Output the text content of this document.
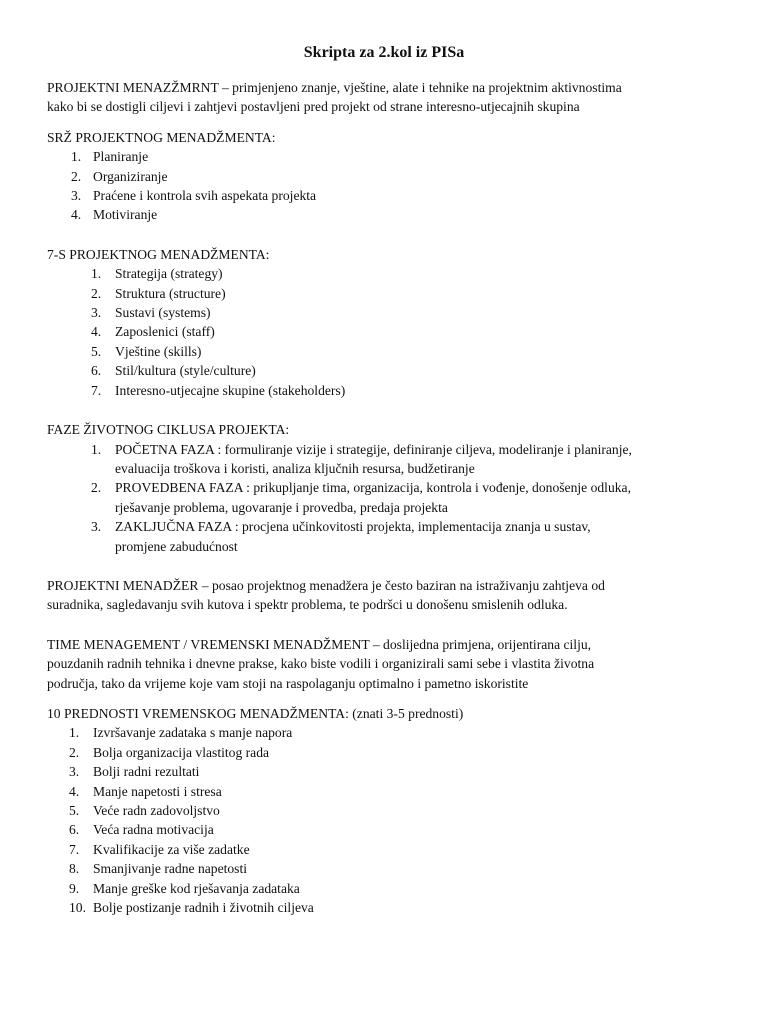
Skripta za 2.kol iz PISa

PROJEKTNI MENAZŽMRNT – primjenjeno znanje, vještine, alate i tehnike na projektnim aktivnostima

kako bi se dostigli ciljevi i zahtjevi postavljeni pred projekt od strane interesno-utjecajnih skupina

SRŽ PROJEKTNOG MENADŽMENTA:

1. Planiranje
2. Organiziranje
3. Praćene i kontrola svih aspekata projekta
4. Motiviranje

7-S PROJEKTNOG MENADŽMENTA:

1.	Strategija (strategy)
2.	Struktura (structure)
3.	Sustavi (systems)
4.	Zaposlenici (staff)
5.	Vještine (skills)
6.	Stil/kultura (style/culture)
7.	Interesno-utjecajne skupine (stakeholders)

FAZE ŽIVOTNOG CIKLUSA PROJEKTA:

1.	POČETNA FAZA : formuliranje vizije i strategije, definiranje ciljeva, modeliranje i planiranje,
evaluacija troškova i koristi, analiza ključnih resursa, budžetiranje
2.	PROVEDBENA FAZA : prikupljanje tima, organizacija, kontrola i vođenje, donošenje odluka,
rješavanje problema, ugovaranje i provedba, predaja projekta
3.	ZAKLJUČNA FAZA : procjena učinkovitosti projekta, implementacija znanja u sustav,
promjene zabudućnost

PROJEKTNI MENADŽER – posao projektnog menadžera je često baziran na istraživanju zahtjeva od

suradnika, sagledavanju svih kutova i spektr problema, te podršci u donošenu smislenih odluka.

TIME MENAGEMENT / VREMENSKI MENADŽMENT – doslijedna primjena, orijentirana cilju,

pouzdanih radnih tehnika i dnevne prakse, kako biste vodili i organizirali sami sebe i vlastita životna

područja, tako da vrijeme koje vam stoji na raspolaganju optimalno i pametno iskoristite

10 PREDNOSTI VREMENSKOG MENADŽMENTA: (znati 3-5 prednosti)

1.	Izvršavanje zadataka s manje napora
2.	Bolja organizacija vlastitog rada
3.	Bolji radni rezultati
4.	Manje napetosti i stresa
5.	Veće radn zadovoljstvo
6.	Veća radna motivacija
7.	Kvalifikacije za više zadatke
8.	Smanjivanje radne napetosti
9.	Manje greške kod rješavanja zadataka
10. Bolje postizanje radnih i životnih ciljeva
